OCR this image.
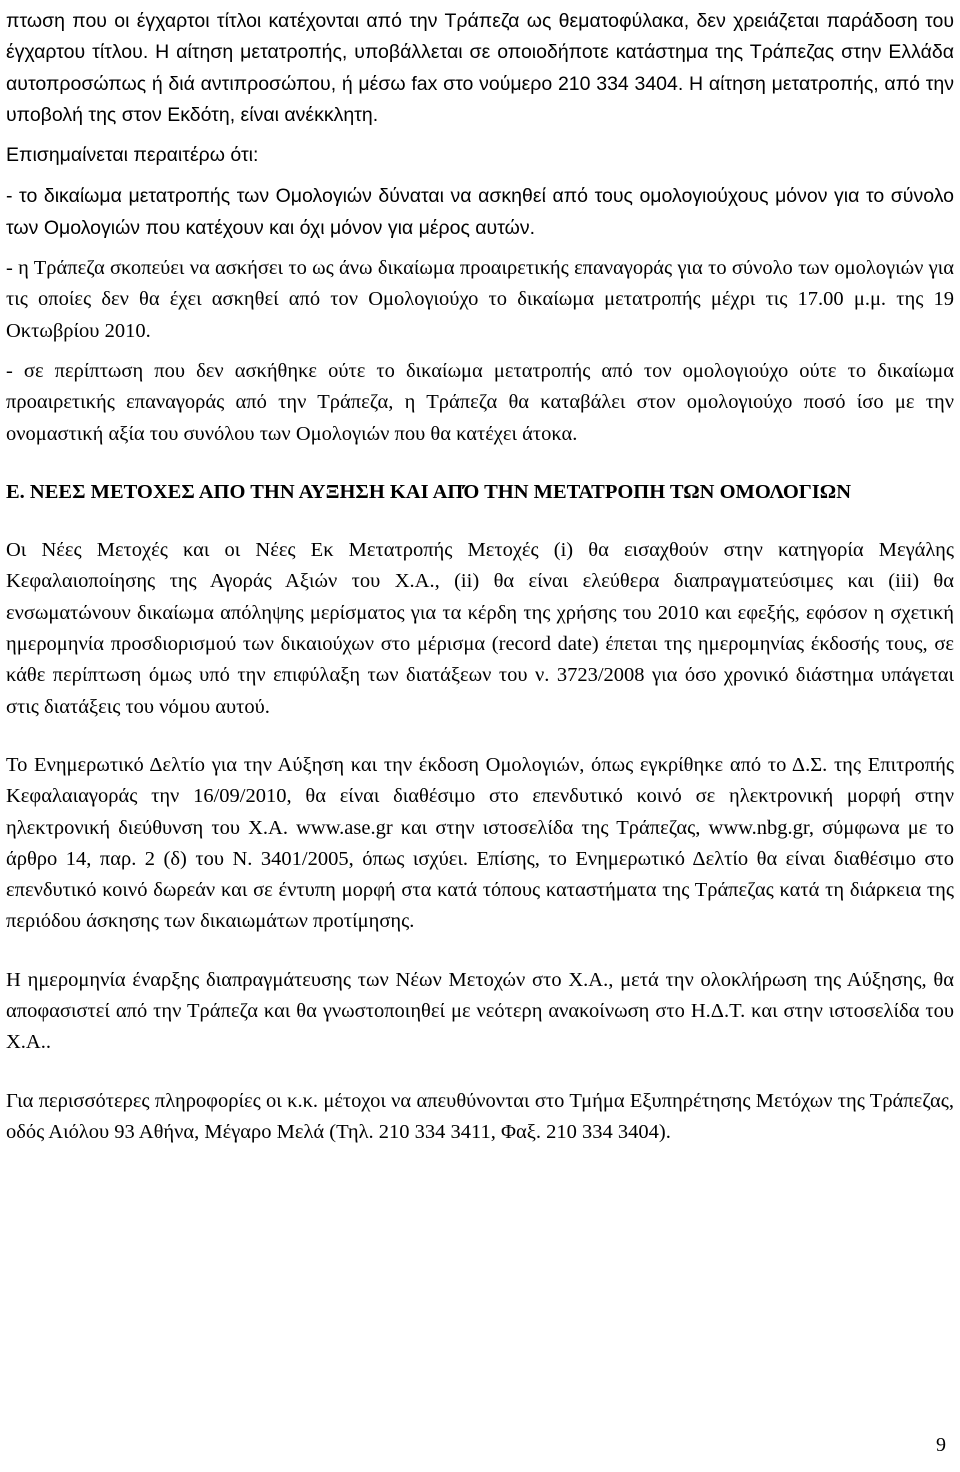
πτωση που οι έγχαρτοι τίτλοι κατέχονται από την Τράπεζα ως θεματοφύλακα, δεν χρειάζεται παράδοση του έγχαρτου τίτλου. Η αίτηση μετατροπής, υποβάλλεται σε οποιοδήποτε κατάστημα της Τράπεζας στην Ελλάδα αυτοπροσώπως ή διά αντιπροσώπου, ή μέσω fax στο νούμερο 210 334 3404. Η αίτηση μετατροπής, από την υποβολή της στον Εκδότη, είναι ανέκκλητη.

Επισημαίνεται περαιτέρω ότι:

- το δικαίωμα μετατροπής των Ομολογιών δύναται να ασκηθεί από τους ομολογιούχους μόνον για το σύνολο των Ομολογιών που κατέχουν και όχι μόνον για μέρος αυτών.

- η Τράπεζα σκοπεύει να ασκήσει το ως άνω δικαίωμα προαιρετικής επαναγοράς για το σύνολο των ομολογιών για τις οποίες δεν θα έχει ασκηθεί από τον Ομολογιούχο το δικαίωμα μετατροπής μέχρι τις 17.00 μ.μ. της 19 Οκτωβρίου 2010.

- σε περίπτωση που δεν ασκήθηκε ούτε το δικαίωμα μετατροπής από τον ομολογιούχο ούτε το δικαίωμα προαιρετικής επαναγοράς από την Τράπεζα, η Τράπεζα θα καταβάλει στον ομολογιούχο ποσό ίσο με την ονομαστική αξία του συνόλου των Ομολογιών που θα κατέχει άτοκα.

Ε. ΝΕΕΣ ΜΕΤΟΧΕΣ ΑΠΟ ΤΗΝ ΑΥΞΗΣΗ ΚΑΙ ΑΠΌ ΤΗΝ ΜΕΤΑΤΡΟΠΗ ΤΩΝ ΟΜΟΛΟΓΙΩΝ

Οι Νέες Μετοχές και οι Νέες Εκ Μετατροπής Μετοχές (i) θα εισαχθούν στην κατηγορία Μεγάλης Κεφαλαιοποίησης της Αγοράς Αξιών του Χ.Α., (ii) θα είναι ελεύθερα διαπραγματεύσιμες και (iii) θα ενσωματώνουν δικαίωμα απόληψης μερίσματος για τα κέρδη της χρήσης του 2010 και εφεξής, εφόσον η σχετική ημερομηνία προσδιορισμού των δικαιούχων στο μέρισμα (record date) έπεται της ημερομηνίας έκδοσής τους, σε κάθε περίπτωση όμως υπό την επιφύλαξη των διατάξεων του ν. 3723/2008 για όσο χρονικό διάστημα υπάγεται στις διατάξεις του νόμου αυτού.

Το Ενημερωτικό Δελτίο για την Αύξηση και την έκδοση Ομολογιών, όπως εγκρίθηκε από το Δ.Σ. της Επιτροπής Κεφαλαιαγοράς την 16/09/2010, θα είναι διαθέσιμο στο επενδυτικό κοινό σε ηλεκτρονική μορφή στην ηλεκτρονική διεύθυνση του Χ.Α. www.ase.gr και στην ιστοσελίδα της Τράπεζας, www.nbg.gr, σύμφωνα με το άρθρο 14, παρ. 2 (δ) του Ν. 3401/2005, όπως ισχύει. Επίσης, το Ενημερωτικό Δελτίο θα είναι διαθέσιμο στο επενδυτικό κοινό δωρεάν και σε έντυπη μορφή στα κατά τόπους καταστήματα της Τράπεζας κατά τη διάρκεια της περιόδου άσκησης των δικαιωμάτων προτίμησης.

Η ημερομηνία έναρξης διαπραγμάτευσης των Νέων Μετοχών στο Χ.Α., μετά την ολοκλήρωση της Αύξησης, θα αποφασιστεί από την Τράπεζα και θα γνωστοποιηθεί με νεότερη ανακοίνωση στο Η.Δ.Τ. και στην ιστοσελίδα του Χ.Α..

Για περισσότερες πληροφορίες οι κ.κ. μέτοχοι να απευθύνονται στο Τμήμα Εξυπηρέτησης Μετόχων της Τράπεζας, οδός Αιόλου 93 Αθήνα, Μέγαρο Μελά (Τηλ. 210 334 3411, Φαξ. 210 334 3404).

9
